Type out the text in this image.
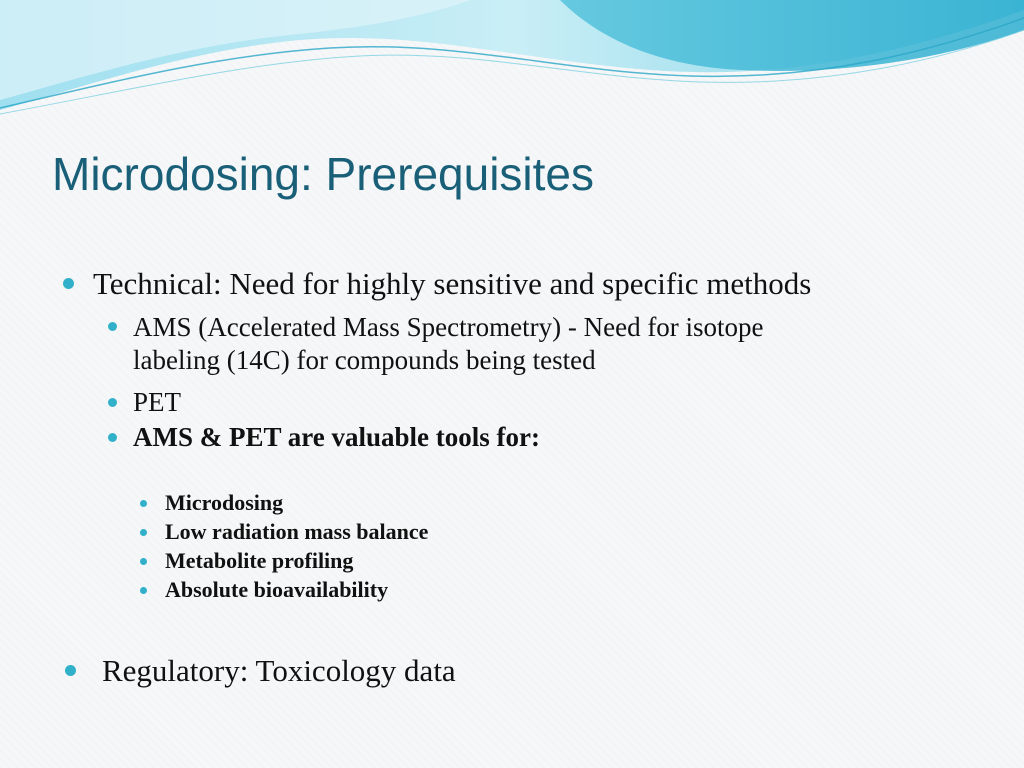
Microdosing: Prerequisites
Technical: Need for highly sensitive and specific methods
AMS (Accelerated Mass Spectrometry) - Need for isotope
labeling (14C) for compounds being tested
PET
AMS & PET are valuable tools for:
Microdosing
Low radiation mass balance
Metabolite profiling
Absolute bioavailability
Regulatory: Toxicology data
